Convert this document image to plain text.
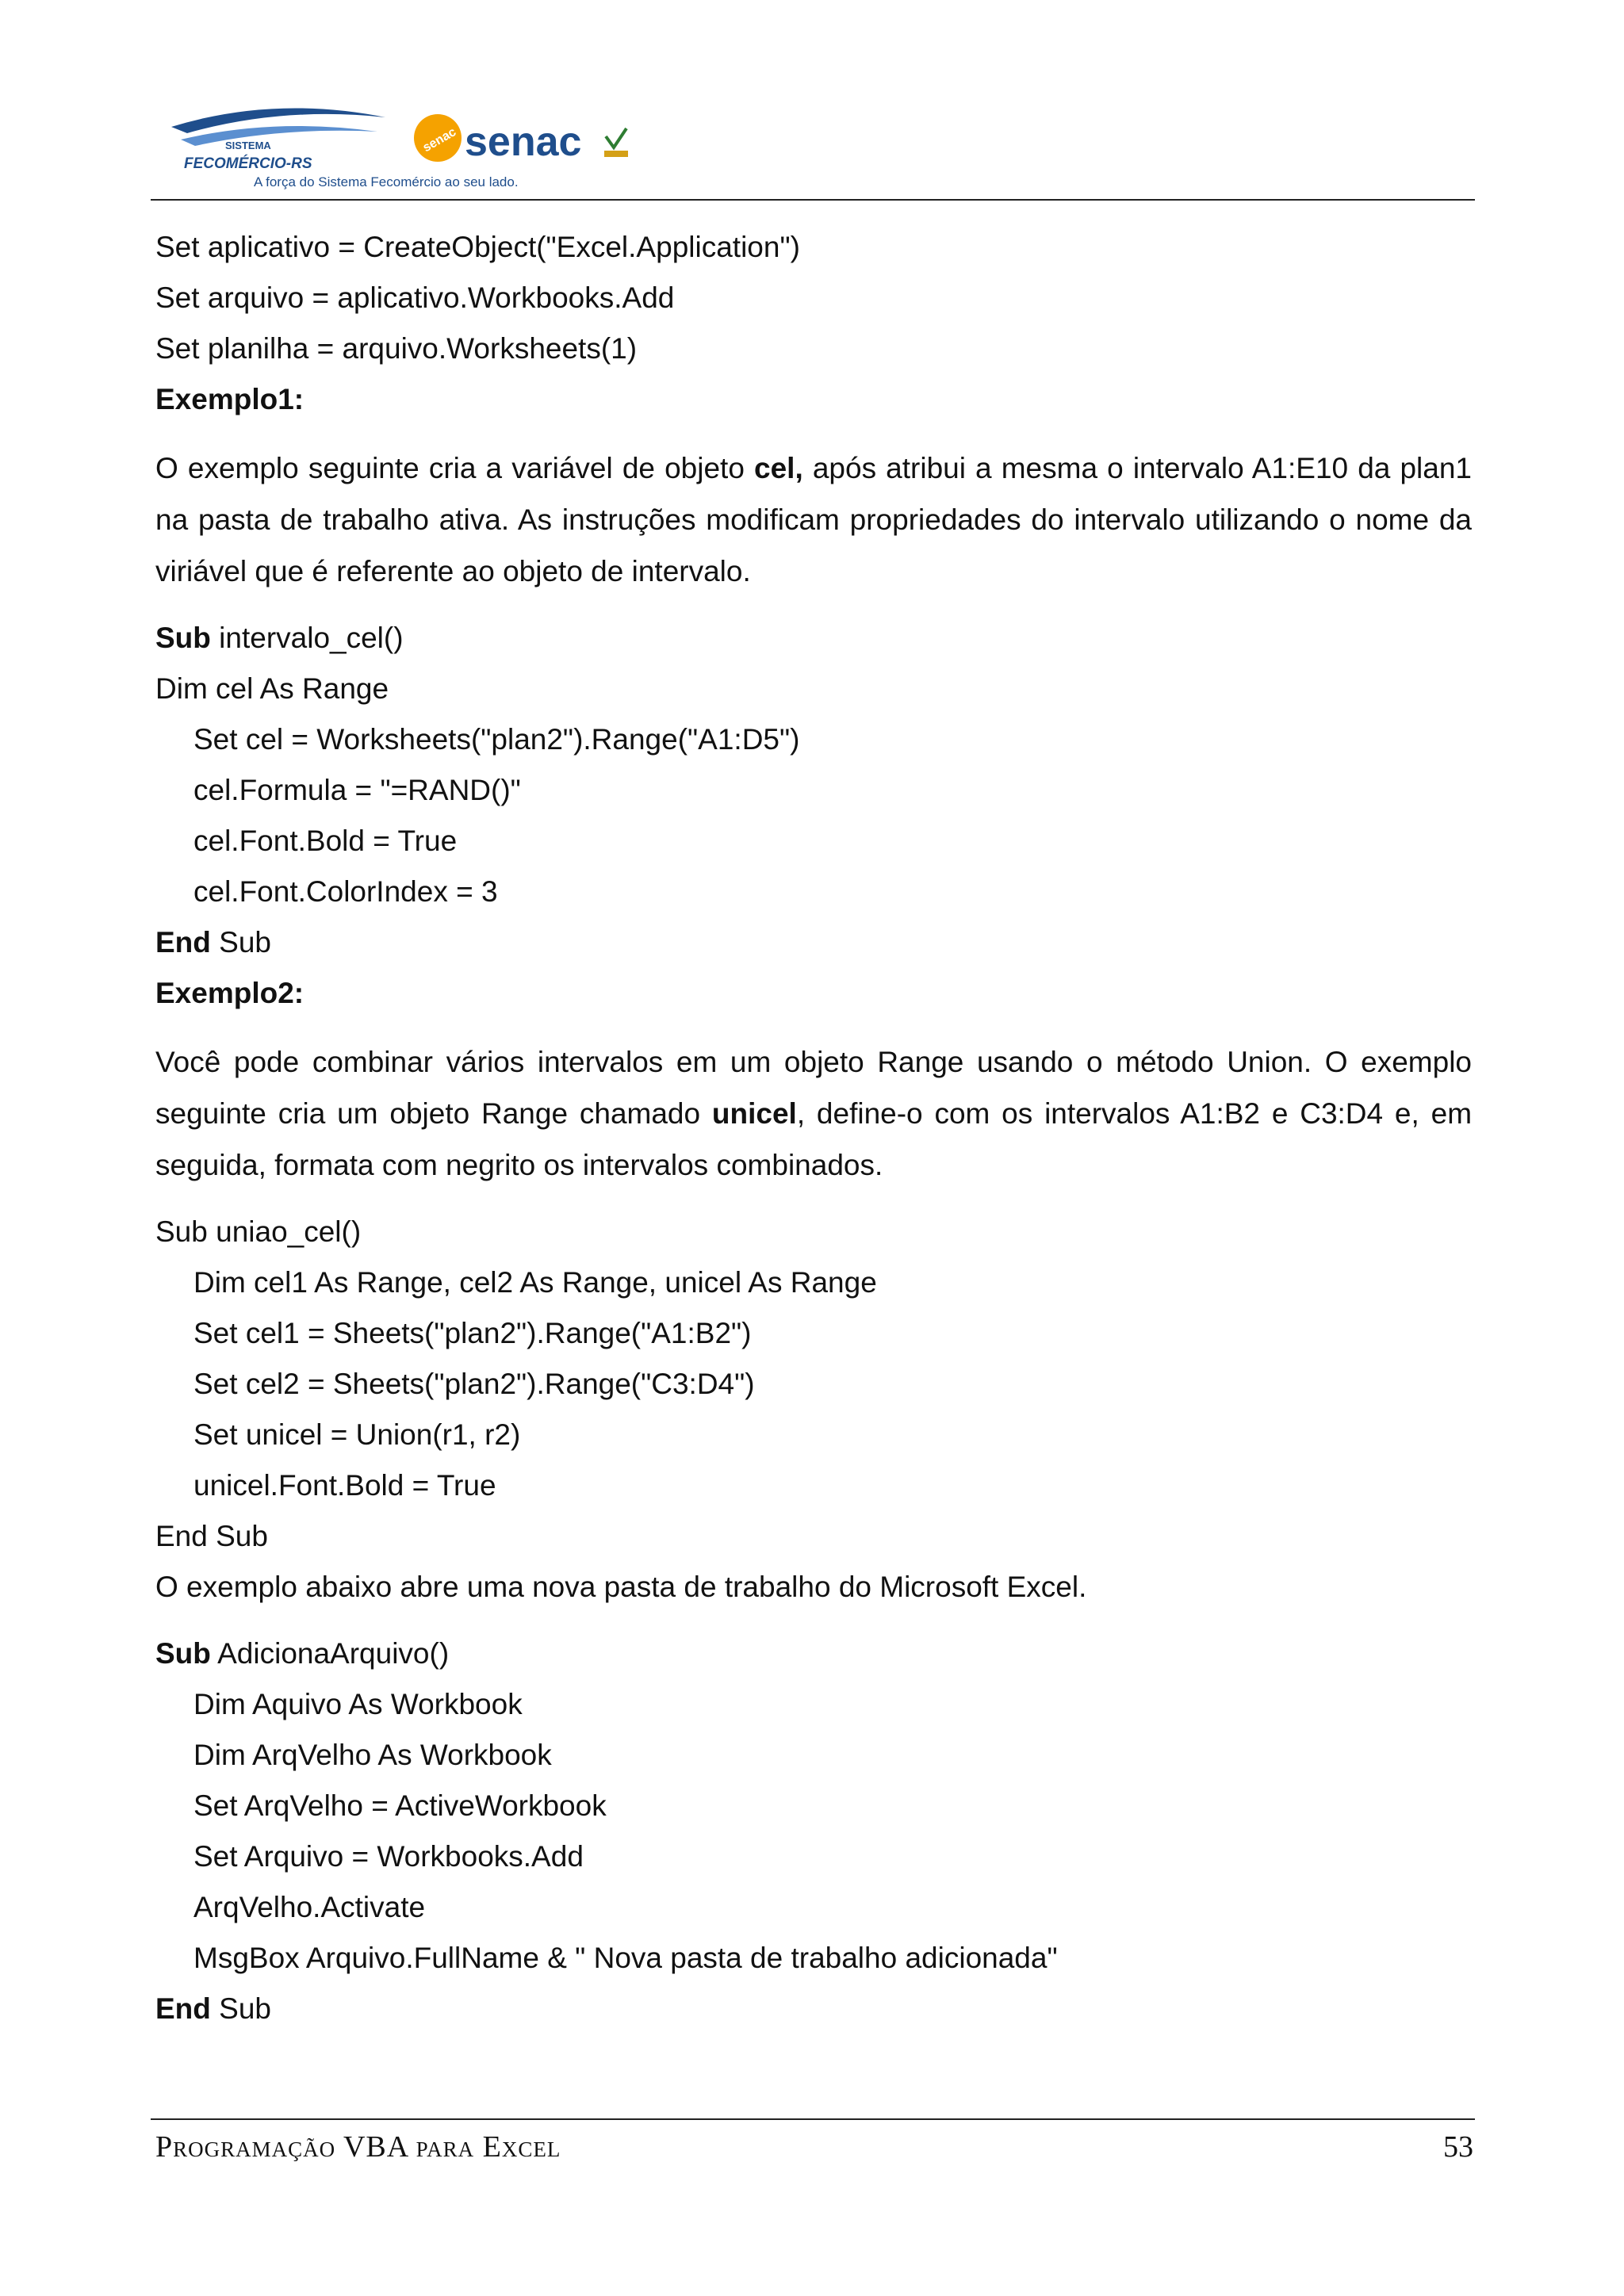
SISTEMA
FECOMÉRCIO-RS
senac senac
A força do Sistema Fecomércio ao seu lado.
Set aplicativo = CreateObject("Excel.Application")
Set arquivo = aplicativo.Workbooks.Add
Set planilha = arquivo.Worksheets(1)
Exemplo1:

O exemplo seguinte cria a variável de objeto cel, após atribui a mesma o intervalo A1:E10 da plan1 na pasta de trabalho ativa. As instruções modificam propriedades do intervalo utilizando o nome da viriável que é referente ao objeto de intervalo.

Sub intervalo_cel()
Dim cel As Range
Set cel = Worksheets("plan2").Range("A1:D5")
cel.Formula = "=RAND()"
cel.Font.Bold = True
cel.Font.ColorIndex = 3
End Sub
Exemplo2:

Você pode combinar vários intervalos em um objeto Range usando o método Union. O exemplo seguinte cria um objeto Range chamado unicel, define-o com os intervalos A1:B2 e C3:D4 e, em seguida, formata com negrito os intervalos combinados.

Sub uniao_cel()
Dim cel1 As Range, cel2 As Range, unicel As Range
Set cel1 = Sheets("plan2").Range("A1:B2")
Set cel2 = Sheets("plan2").Range("C3:D4")
Set unicel = Union(r1, r2)
unicel.Font.Bold = True
End Sub
O exemplo abaixo abre uma nova pasta de trabalho do Microsoft Excel.
Sub AdicionaArquivo()
Dim Aquivo As Workbook
Dim ArqVelho As Workbook
Set ArqVelho = ActiveWorkbook
Set Arquivo = Workbooks.Add
ArqVelho.Activate
MsgBox Arquivo.FullName & " Nova pasta de trabalho adicionada"
End Sub
Programação VBA para Excel	53
